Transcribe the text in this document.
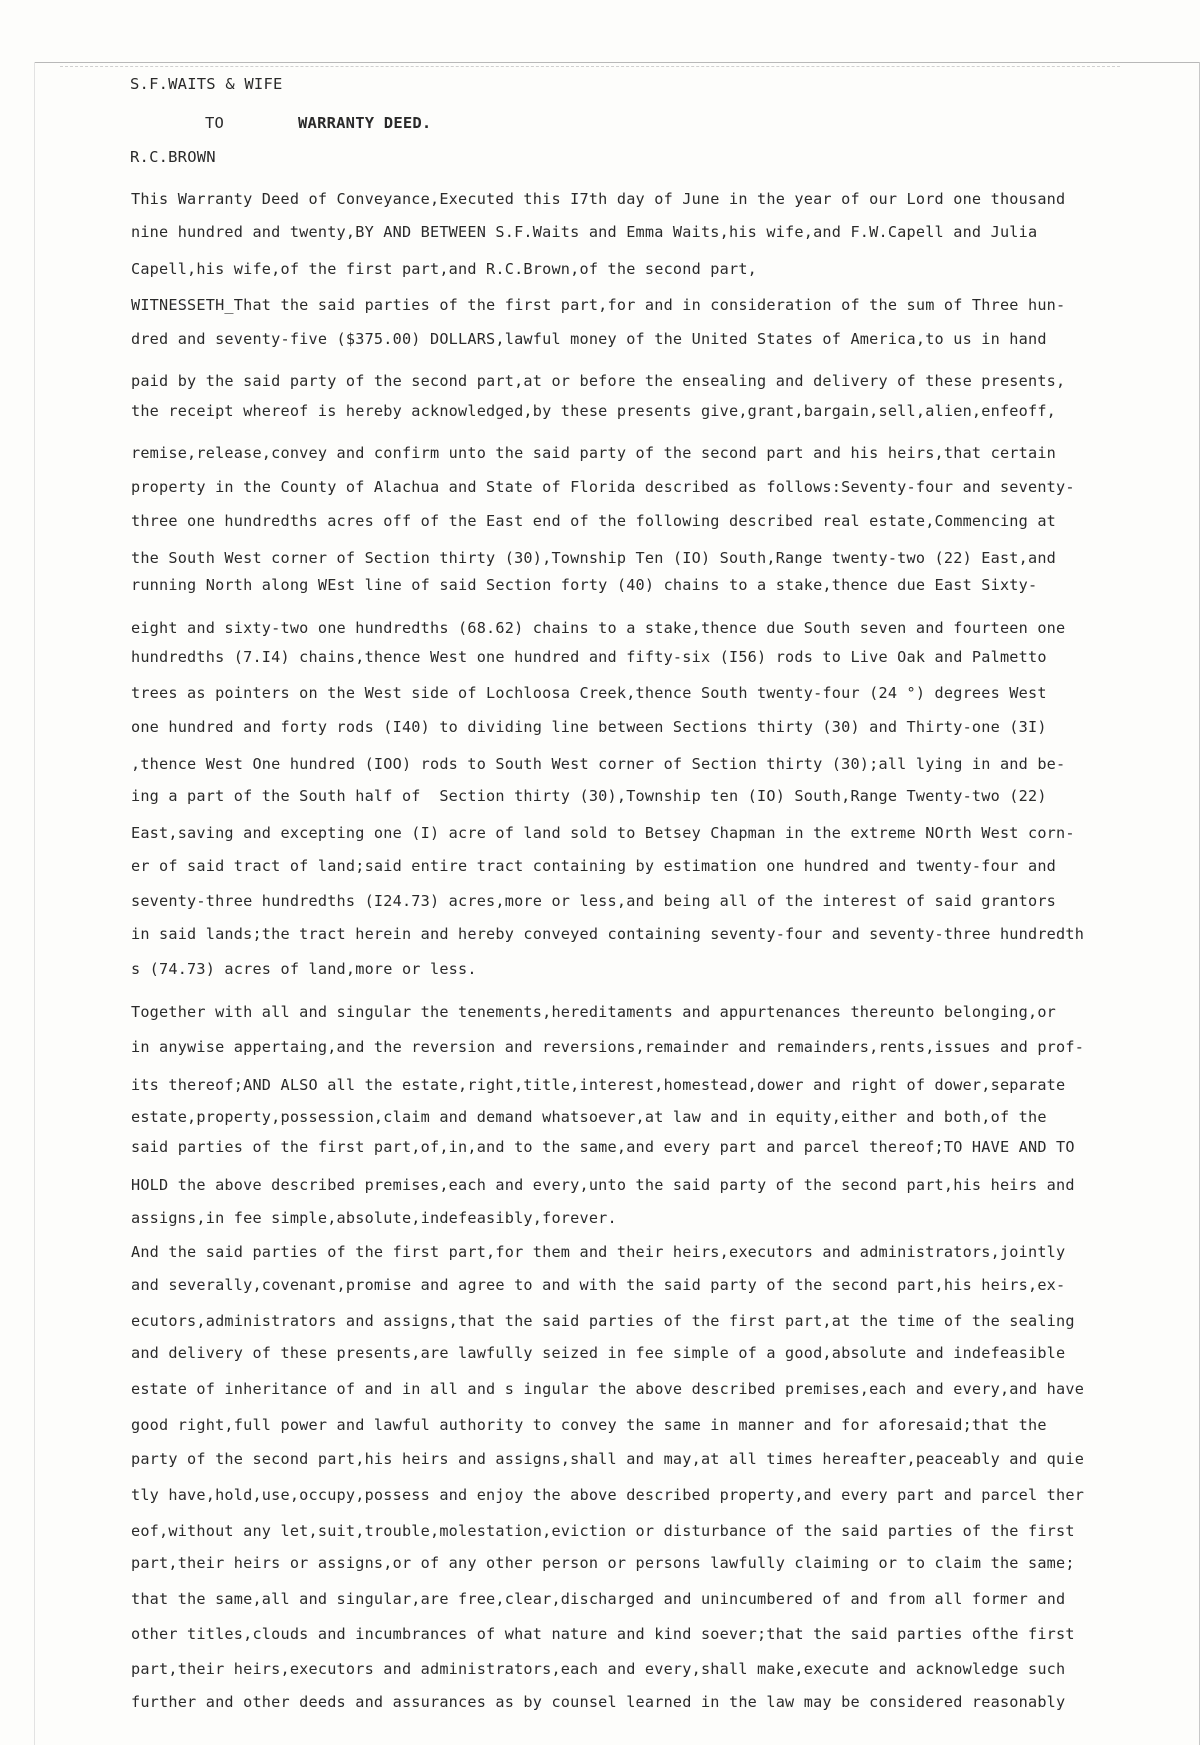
S.F.WAITS & WIFE
TO	WARRANTY DEED.
R.C.BROWN
This Warranty Deed of Conveyance,Executed this I7th day of June in the year of our Lord one thousand
nine hundred and twenty,BY AND BETWEEN S.F.Waits and Emma Waits,his wife,and F.W.Capell and Julia
Capell,his wife,of the first part,and R.C.Brown,of the second part,
WITNESSETH_That the said parties of the first part,for and in consideration of the sum of Three hun-
dred and seventy-five ($375.00) DOLLARS,lawful money of the United States of America,to us in hand
paid by the said party of the second part,at or before the ensealing and delivery of these presents,
the receipt whereof is hereby acknowledged,by these presents give,grant,bargain,sell,alien,enfeoff,
remise,release,convey and confirm unto the said party of the second part and his heirs,that certain
property in the County of Alachua and State of Florida described as follows:Seventy-four and seventy-
three one hundredths acres off of the East end of the following described real estate,Commencing at
the South West corner of Section thirty (30),Township Ten (IO) South,Range twenty-two (22) East,and
running North along WEst line of said Section forty (40) chains to a stake,thence due East Sixty-
eight and sixty-two one hundredths (68.62) chains to a stake,thence due South seven and fourteen one
hundredths (7.I4) chains,thence West one hundred and fifty-six (I56) rods to Live Oak and Palmetto
trees as pointers on the West side of Lochloosa Creek,thence South twenty-four (24 °) degrees West
one hundred and forty rods (I40) to dividing line between Sections thirty (30) and Thirty-one (3I)
,thence West One hundred (IOO) rods to South West corner of Section thirty (30);all lying in and be-
ing a part of the South half of  Section thirty (30),Township ten (IO) South,Range Twenty-two (22)
East,saving and excepting one (I) acre of land sold to Betsey Chapman in the extreme NOrth West corn-
er of said tract of land;said entire tract containing by estimation one hundred and twenty-four and
seventy-three hundredths (I24.73) acres,more or less,and being all of the interest of said grantors
in said lands;the tract herein and hereby conveyed containing seventy-four and seventy-three hundredth
s (74.73) acres of land,more or less.
Together with all and singular the tenements,hereditaments and appurtenances thereunto belonging,or
in anywise appertaing,and the reversion and reversions,remainder and remainders,rents,issues and prof-
its thereof;AND ALSO all the estate,right,title,interest,homestead,dower and right of dower,separate
estate,property,possession,claim and demand whatsoever,at law and in equity,either and both,of the
said parties of the first part,of,in,and to the same,and every part and parcel thereof;TO HAVE AND TO
HOLD the above described premises,each and every,unto the said party of the second part,his heirs and
assigns,in fee simple,absolute,indefeasibly,forever.
And the said parties of the first part,for them and their heirs,executors and administrators,jointly
and severally,covenant,promise and agree to and with the said party of the second part,his heirs,ex-
ecutors,administrators and assigns,that the said parties of the first part,at the time of the sealing
and delivery of these presents,are lawfully seized in fee simple of a good,absolute and indefeasible
estate of inheritance of and in all and s ingular the above described premises,each and every,and have
good right,full power and lawful authority to convey the same in manner and for aforesaid;that the
party of the second part,his heirs and assigns,shall and may,at all times hereafter,peaceably and quie
tly have,hold,use,occupy,possess and enjoy the above described property,and every part and parcel ther
eof,without any let,suit,trouble,molestation,eviction or disturbance of the said parties of the first
part,their heirs or assigns,or of any other person or persons lawfully claiming or to claim the same;
that the same,all and singular,are free,clear,discharged and unincumbered of and from all former and
other titles,clouds and incumbrances of what nature and kind soever;that the said parties ofthe first
part,their heirs,executors and administrators,each and every,shall make,execute and acknowledge such
further and other deeds and assurances as by counsel learned in the law may be considered reasonably
